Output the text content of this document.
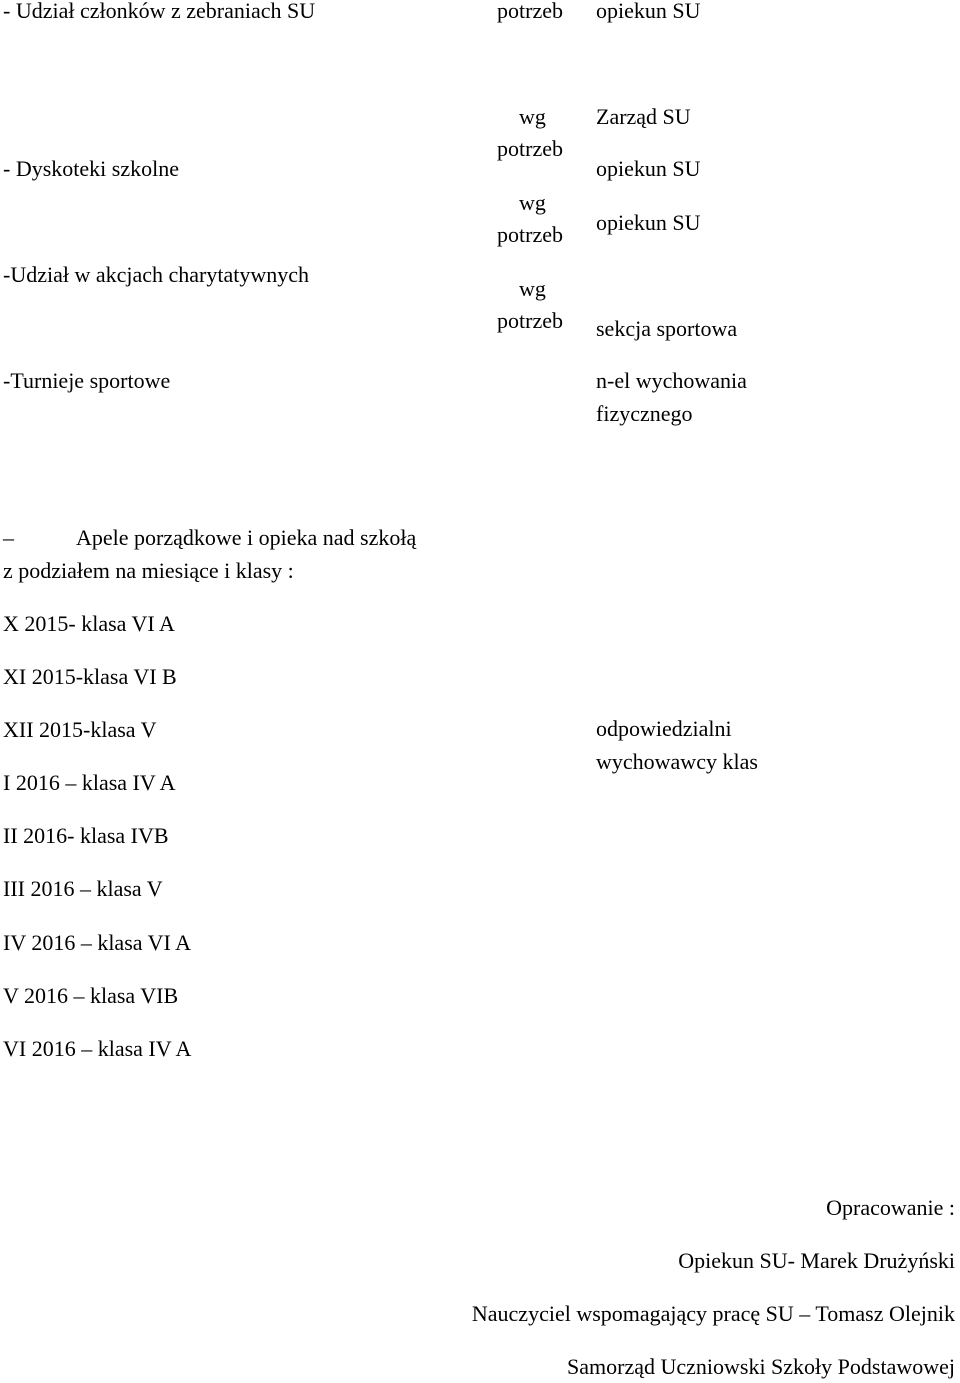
- Udział członków z zebraniach SU	potrzeb opiekun SU
- Dyskoteki szkolne
wg
potrzeb
Zarząd SU
opiekun SU
-Udział w akcjach charytatywnych
wg
potrzeb opiekun SU
-Turnieje sportowe
wg
potrzeb sekcja sportowa
n-el wychowania
fizycznego
–	Apele porządkowe i opieka nad szkołą
z podziałem na miesiące i klasy :
X 2015- klasa VI A
XI 2015-klasa VI B
XII 2015-klasa V
I 2016 – klasa IV A
II 2016- klasa IVB
III 2016 – klasa V
IV 2016 – klasa VI A
V 2016 – klasa VIB
VI 2016 – klasa IV A
odpowiedzialni
wychowawcy klas
Opracowanie :
Opiekun SU- Marek Drużyński
Nauczyciel wspomagający pracę SU – Tomasz Olejnik
Samorząd Uczniowski Szkoły Podstawowej
